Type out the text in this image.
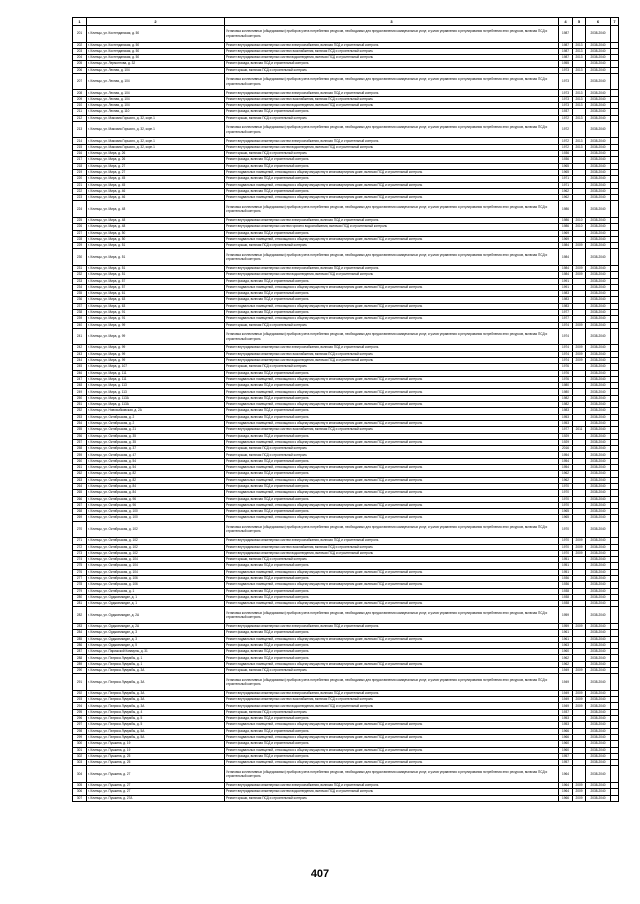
1	2	3	4	5	6	7
201	г. Клинцы, ул. Костенданская, д. 50	Установка коллективных (общедомовых) приборов учета потребления ресурсов, необходимых для предоставления коммунальных услуг, и узлов управления и регулирования потребления этих ресурсов, включая ПСД и строительный контроль	1987		2038-2040	
202	г. Клинцы, ул. Костенданская, д. 50	Ремонт внутридомовых инженерных систем электроснабжения, включая ПСД и строительный контроль	1987	2013	2038-2040	
203	г. Клинцы, ул. Костенданская, д. 50	Ремонт внутридомовых инженерных систем газоснабжения, включая ПСД и строительный контроль	1987	2013	2038-2040	
204	г. Клинцы, ул. Костенданская, д. 50	Ремонт внутридомовых инженерных систем водоотведения, включая ПСД и строительный контроль	1987	2013	2038-2040	
205	г. Клинцы, ул. Лермонтова, д. 32	Ремонт фасада, включая ПСД и строительный контроль	1955		2038-2040	
206	г. Клинцы, ул. Лесная, д. 104	Ремонт крыши, включая ПСД и строительный контроль	1973	2013	2038-2040	
207	г. Клинцы, ул. Лесная, д. 104	Установка коллективных (общедомовых) приборов учета потребления ресурсов, необходимых для предоставления коммунальных услуг, и узлов управления и регулирования потребления этих ресурсов, включая ПСД и строительный контроль	1973		2038-2040	
208	г. Клинцы, ул. Лесная, д. 104	Ремонт внутридомовых инженерных систем электроснабжения, включая ПСД и строительный контроль	1973	2013	2038-2040	
209	г. Клинцы, ул. Лесная, д. 104	Ремонт внутридомовых инженерных систем газоснабжения, включая ПСД и строительный контроль	1973	2013	2038-2040	
210	г. Клинцы, ул. Лесная, д. 104	Ремонт внутридомовых инженерных систем водоотведения, включая ПСД и строительный контроль	1973	2013	2038-2040	
211	г. Клинцы, ул. Лесная, д. 110	Ремонт фасада, включая ПСД и строительный контроль	1937		2038-2040	
212	г. Клинцы, ул. Максима Горького, д. 32, корп.1	Ремонт крыши, включая ПСД и строительный контроль	1972	2013	2038-2040	
213	г. Клинцы, ул. Максима Горького, д. 32, корп.1	Установка коллективных (общедомовых) приборов учета потребления ресурсов, необходимых для предоставления коммунальных услуг, и узлов управления и регулирования потребления этих ресурсов, включая ПСД и строительный контроль	1972		2038-2040	
214	г. Клинцы, ул. Максима Горького, д. 32, корп.1	Ремонт внутридомовых инженерных систем электроснабжения, включая ПСД и строительный контроль	1972	2013	2038-2040	
215	г. Клинцы, ул. Максима Горького, д. 32, корп.1	Ремонт внутридомовых инженерных систем водоотведения, включая ПСД и строительный контроль	1972	2013	2038-2040	
216	г. Клинцы, ул. Мира, д. 26	Ремонт крыши, включая ПСД и строительный контроль	1936		2038-2040	
217	г. Клинцы, ул. Мира, д. 26	Ремонт фасада, включая ПСД и строительный контроль	1936		2038-2040	
218	г. Клинцы, ул. Мира, д. 27	Ремонт фасада, включая ПСД и строительный контроль	1965		2038-2040	
219	г. Клинцы, ул. Мира, д. 27	Ремонт подвальных помещений, относящихся к общему имуществу в многоквартирном доме, включая ПСД и строительный контроль	1965		2038-2040	
220	г. Клинцы, ул. Мира, д. 45	Ремонт фасада, включая ПСД и строительный контроль	1971		2038-2040	
221	г. Клинцы, ул. Мира, д. 45	Ремонт подвальных помещений, относящихся к общему имуществу в многоквартирном доме, включая ПСД и строительный контроль	1971		2038-2040	
222	г. Клинцы, ул. Мира, д. 46	Ремонт фасада, включая ПСД и строительный контроль	1962		2038-2040	
223	г. Клинцы, ул. Мира, д. 46	Ремонт подвальных помещений, относящихся к общему имуществу в многоквартирном доме, включая ПСД и строительный контроль	1962		2038-2040	
224	г. Клинцы, ул. Мира, д. 48	Установка коллективных (общедомовых) приборов учета потребления ресурсов, необходимых для предоставления коммунальных услуг, и узлов управления и регулирования потребления этих ресурсов, включая ПСД и строительный контроль	1986		2038-2040	
225	г. Клинцы, ул. Мира, д. 48	Ремонт внутридомовых инженерных систем электроснабжения, включая ПСД и строительный контроль	1986	2010	2038-2040	
226	г. Клинцы, ул. Мира, д. 48	Ремонт внутридомовых инженерных систем горячего водоснабжения, включая ПСД и строительный контроль	1986	2010	2038-2040	
227	г. Клинцы, ул. Мира, д. 50	Ремонт фасада, включая ПСД и строительный контроль	1969		2038-2040	
228	г. Клинцы, ул. Мира, д. 50	Ремонт подвальных помещений, относящихся к общему имуществу в многоквартирном доме, включая ПСД и строительный контроль	1969		2038-2040	
229	г. Клинцы, ул. Мира, д. 51	Ремонт крыши, включая ПСД и строительный контроль	1984	2009	2038-2040	
230	г. Клинцы, ул. Мира, д. 51	Установка коллективных (общедомовых) приборов учета потребления ресурсов, необходимых для предоставления коммунальных услуг, и узлов управления и регулирования потребления этих ресурсов, включая ПСД и строительный контроль	1984		2038-2040	
231	г. Клинцы, ул. Мира, д. 51	Ремонт внутридомовых инженерных систем электроснабжения, включая ПСД и строительный контроль	1984	2009	2038-2040	
232	г. Клинцы, ул. Мира, д. 51	Ремонт внутридомовых инженерных систем водоотведения, включая ПСД и строительный контроль	1984	2009	2038-2040	
233	г. Клинцы, ул. Мира, д. 57	Ремонт фасада, включая ПСД и строительный контроль	1991		2038-2040	
234	г. Клинцы, ул. Мира, д. 57	Ремонт подвальных помещений, относящихся к общему имуществу в многоквартирном доме, включая ПСД и строительный контроль	1991		2038-2040	
235	г. Клинцы, ул. Мира, д. 61	Ремонт фасада, включая ПСД и строительный контроль	1983		2038-2040	
236	г. Клинцы, ул. Мира, д. 63	Ремонт фасада, включая ПСД и строительный контроль	1983		2038-2040	
237	г. Клинцы, ул. Мира, д. 63	Ремонт подвальных помещений, относящихся к общему имуществу в многоквартирном доме, включая ПСД и строительный контроль	1983		2038-2040	
238	г. Клинцы, ул. Мира, д. 91	Ремонт фасада, включая ПСД и строительный контроль	1977		2038-2040	
239	г. Клинцы, ул. Мира, д. 91	Ремонт подвальных помещений, относящихся к общему имуществу в многоквартирном доме, включая ПСД и строительный контроль	1977		2038-2040	
240	г. Клинцы, ул. Мира, д. 99	Ремонт крыши, включая ПСД и строительный контроль	1974	2009	2038-2040	
241	г. Клинцы, ул. Мира, д. 99	Установка коллективных (общедомовых) приборов учета потребления ресурсов, необходимых для предоставления коммунальных услуг, и узлов управления и регулирования потребления этих ресурсов, включая ПСД и строительный контроль	1974		2038-2040	
242	г. Клинцы, ул. Мира, д. 99	Ремонт внутридомовых инженерных систем электроснабжения, включая ПСД и строительный контроль	1974	2009	2038-2040	
243	г. Клинцы, ул. Мира, д. 99	Ремонт внутридомовых инженерных систем газоснабжения, включая ПСД и строительный контроль	1974	2009	2038-2040	
244	г. Клинцы, ул. Мира, д. 99	Ремонт внутридомовых инженерных систем водоотведения, включая ПСД и строительный контроль	1974	2009	2038-2040	
245	г. Клинцы, ул. Мира, д. 107	Ремонт крыши, включая ПСД и строительный контроль	1976		2038-2040	
246	г. Клинцы, ул. Мира, д. 111	Ремонт фасада, включая ПСД и строительный контроль	1976		2038-2040	
247	г. Клинцы, ул. Мира, д. 111	Ремонт подвальных помещений, относящихся к общему имуществу в многоквартирном доме, включая ПСД и строительный контроль	1976		2038-2040	
248	г. Клинцы, ул. Мира, д. 113	Ремонт фасада, включая ПСД и строительный контроль	1980		2038-2040	
249	г. Клинцы, ул. Мира, д. 113	Ремонт подвальных помещений, относящихся к общему имуществу в многоквартирном доме, включая ПСД и строительный контроль	1980		2038-2040	
250	г. Клинцы, ул. Мира, д. 113А	Ремонт фасада, включая ПСД и строительный контроль	1982		2038-2040	
251	г. Клинцы, ул. Мира, д. 113А	Ремонт подвальных помещений, относящихся к общему имуществу в многоквартирном доме, включая ПСД и строительный контроль	1982		2038-2040	
252	г. Клинцы, ул. Новозыбковская, д. 2А	Ремонт фасада, включая ПСД и строительный контроль	1983		2038-2040	
253	г. Клинцы, ул. Октябрьская, д. 2	Ремонт фасада, включая ПСД и строительный контроль	1953		2038-2040	
254	г. Клинцы, ул. Октябрьская, д. 2	Ремонт подвальных помещений, относящихся к общему имуществу в многоквартирном доме, включая ПСД и строительный контроль	1953		2038-2040	
255	г. Клинцы, ул. Октябрьская, д. 21	Ремонт внутридомовых инженерных систем газоснабжения, включая ПСД и строительный контроль	1977	2011	2038-2040	
256	г. Клинцы, ул. Октябрьская, д. 35	Ремонт фасада, включая ПСД и строительный контроль	1929		2038-2040	
257	г. Клинцы, ул. Октябрьская, д. 35	Ремонт подвальных помещений, относящихся к общему имуществу в многоквартирном доме, включая ПСД и строительный контроль	1929		2038-2040	
258	г. Клинцы, ул. Октябрьская, д. 37	Ремонт крыши, включая ПСД и строительный контроль	2016		2038-2040	
259	г. Клинцы, ул. Октябрьская, д. 47	Ремонт крыши, включая ПСД и строительный контроль	1954		2038-2040	
260	г. Клинцы, ул. Октябрьская, д. 54	Ремонт фасада, включая ПСД и строительный контроль	1954		2038-2040	
261	г. Клинцы, ул. Октябрьская, д. 54	Ремонт подвальных помещений, относящихся к общему имуществу в многоквартирном доме, включая ПСД и строительный контроль	1954		2038-2040	
262	г. Клинцы, ул. Октябрьская, д. 82	Ремонт фасада, включая ПСД и строительный контроль	1962		2038-2040	
263	г. Клинцы, ул. Октябрьская, д. 82	Ремонт подвальных помещений, относящихся к общему имуществу в многоквартирном доме, включая ПСД и строительный контроль	1962		2038-2040	
264	г. Клинцы, ул. Октябрьская, д. 84	Ремонт фасада, включая ПСД и строительный контроль	1970		2038-2040	
265	г. Клинцы, ул. Октябрьская, д. 84	Ремонт подвальных помещений, относящихся к общему имуществу в многоквартирном доме, включая ПСД и строительный контроль	1970		2038-2040	
266	г. Клинцы, ул. Октябрьская, д. 96	Ремонт фасада, включая ПСД и строительный контроль	1970		2038-2040	
267	г. Клинцы, ул. Октябрьская, д. 96	Ремонт подвальных помещений, относящихся к общему имуществу в многоквартирном доме, включая ПСД и строительный контроль	1970		2038-2040	
268	г. Клинцы, ул. Октябрьская, д. 100	Ремонт фасада, включая ПСД и строительный контроль	1965		2038-2040	
269	г. Клинцы, ул. Октябрьская, д. 100	Ремонт подвальных помещений, относящихся к общему имуществу в многоквартирном доме, включая ПСД и строительный контроль	1965		2038-2040	
270	г. Клинцы, ул. Октябрьская, д. 102	Установка коллективных (общедомовых) приборов учета потребления ресурсов, необходимых для предоставления коммунальных услуг, и узлов управления и регулирования потребления этих ресурсов, включая ПСД и строительный контроль	1970		2038-2040	
271	г. Клинцы, ул. Октябрьская, д. 102	Ремонт внутридомовых инженерных систем электроснабжения, включая ПСД и строительный контроль	1970	2009	2038-2040	
272	г. Клинцы, ул. Октябрьская, д. 102	Ремонт внутридомовых инженерных систем газоснабжения, включая ПСД и строительный контроль	1970	2009	2038-2040	
273	г. Клинцы, ул. Октябрьская, д. 102	Ремонт внутридомовых инженерных систем водоотведения, включая ПСД и строительный контроль	1970	2009	2038-2040	
274	г. Клинцы, ул. Октябрьская, д. 104	Ремонт крыши, включая ПСД и строительный контроль	1951		2038-2040	
275	г. Клинцы, ул. Октябрьская, д. 104	Ремонт фасада, включая ПСД и строительный контроль	1951		2038-2040	
276	г. Клинцы, ул. Октябрьская, д. 104	Ремонт подвальных помещений, относящихся к общему имуществу в многоквартирном доме, включая ПСД и строительный контроль	1951		2038-2040	
277	г. Клинцы, ул. Октябрьская, д. 106	Ремонт фасада, включая ПСД и строительный контроль	1936		2038-2040	
278	г. Клинцы, ул. Октябрьская, д. 106	Ремонт подвальных помещений, относящихся к общему имуществу в многоквартирном доме, включая ПСД и строительный контроль	1936		2038-2040	
279	г. Клинцы, ул. Октябрьская, д. 1	Ремонт фасада, включая ПСД и строительный контроль	1938		2038-2040	
280	г. Клинцы, ул. Орджоникидзе, д. 1	Ремонт фасада, включая ПСД и строительный контроль	1938		2038-2040	
281	г. Клинцы, ул. Орджоникидзе, д. 1	Ремонт подвальных помещений, относящихся к общему имуществу в многоквартирном доме, включая ПСД и строительный контроль	1938		2038-2040	
282	г. Клинцы, ул. Орджоникидзе, д. 2А	Установка коллективных (общедомовых) приборов учета потребления ресурсов, необходимых для предоставления коммунальных услуг, и узлов управления и регулирования потребления этих ресурсов, включая ПСД и строительный контроль	1959		2038-2040	
283	г. Клинцы, ул. Орджоникидзе, д. 2А	Ремонт внутридомовых инженерных систем электроснабжения, включая ПСД и строительный контроль	1959	2009	2038-2040	
284	г. Клинцы, ул. Орджоникидзе, д. 3	Ремонт фасада, включая ПСД и строительный контроль	1961		2038-2040	
285	г. Клинцы, ул. Орджоникидзе, д. 3	Ремонт подвальных помещений, относящихся к общему имуществу в многоквартирном доме, включая ПСД и строительный контроль	1961		2038-2040	
286	г. Клинцы, ул. Орджоникидзе, д. 5	Ремонт фасада, включая ПСД и строительный контроль	1963		2038-2040	
287	г. Клинцы, ул. Парижской Коммуны, д. 31	Ремонт фасада, включая ПСД и строительный контроль	1960		2038-2040	
288	г. Клинцы, ул. Патриса Лумумбы, д. 1	Ремонт фасада, включая ПСД и строительный контроль	1962		2038-2040	
289	г. Клинцы, ул. Патриса Лумумбы, д. 1	Ремонт подвальных помещений, относящихся к общему имуществу в многоквартирном доме, включая ПСД и строительный контроль	1962		2038-2040	
290	г. Клинцы, ул. Патриса Лумумбы, д. 3А	Ремонт крыши, включая ПСД и строительный контроль	1949	2009	2038-2040	
291	г. Клинцы, ул. Патриса Лумумбы, д. 3А	Установка коллективных (общедомовых) приборов учета потребления ресурсов, необходимых для предоставления коммунальных услуг, и узлов управления и регулирования потребления этих ресурсов, включая ПСД и строительный контроль	1949		2038-2040	
292	г. Клинцы, ул. Патриса Лумумбы, д. 3А	Ремонт внутридомовых инженерных систем электроснабжения, включая ПСД и строительный контроль	1949	2009	2038-2040	
293	г. Клинцы, ул. Патриса Лумумбы, д. 3А	Ремонт внутридомовых инженерных систем газоснабжения, включая ПСД и строительный контроль	1949	2009	2038-2040	
294	г. Клинцы, ул. Патриса Лумумбы, д. 3А	Ремонт внутридомовых инженерных систем водоотведения, включая ПСД и строительный контроль	1949	2009	2038-2040	
295	г. Клинцы, ул. Патриса Лумумбы, д. 4	Ремонт крыши, включая ПСД и строительный контроль	1937		2038-2040	
296	г. Клинцы, ул. Патриса Лумумбы, д. 5	Ремонт фасада, включая ПСД и строительный контроль	1953		2038-2040	
297	г. Клинцы, ул. Патриса Лумумбы, д. 5	Ремонт подвальных помещений, относящихся к общему имуществу в многоквартирном доме, включая ПСД и строительный контроль	1953		2038-2040	
298	г. Клинцы, ул. Патриса Лумумбы, д. 5А	Ремонт фасада, включая ПСД и строительный контроль	1966		2038-2040	
299	г. Клинцы, ул. Патриса Лумумбы, д. 5А	Ремонт подвальных помещений, относящихся к общему имуществу в многоквартирном доме, включая ПСД и строительный контроль	1966		2038-2040	
300	г. Клинцы, ул. Пушкина, д. 19	Ремонт фасада, включая ПСД и строительный контроль	1960		2038-2040	
301	г. Клинцы, ул. Пушкина, д. 19	Ремонт подвальных помещений, относящихся к общему имуществу в многоквартирном доме, включая ПСД и строительный контроль	1960		2038-2040	
302	г. Клинцы, ул. Пушкина, д. 25	Ремонт фасада, включая ПСД и строительный контроль	1957		2038-2040	
303	г. Клинцы, ул. Пушкина, д. 25	Ремонт подвальных помещений, относящихся к общему имуществу в многоквартирном доме, включая ПСД и строительный контроль	1957		2038-2040	
304	г. Клинцы, ул. Пушкина, д. 27	Установка коллективных (общедомовых) приборов учета потребления ресурсов, необходимых для предоставления коммунальных услуг, и узлов управления и регулирования потребления этих ресурсов, включая ПСД и строительный контроль	1964		2038-2040	
305	г. Клинцы, ул. Пушкина, д. 27	Ремонт внутридомовых инженерных систем электроснабжения, включая ПСД и строительный контроль	1964	2009	2038-2040	
306	г. Клинцы, ул. Пушкина, д. 27	Ремонт внутридомовых инженерных систем водоотведения, включая ПСД и строительный контроль	1964	2009	2038-2040	
307	г. Клинцы, ул. Пушкина, д. 27А	Ремонт крыши, включая ПСД и строительный контроль	1966	2009	2038-2040	
407
